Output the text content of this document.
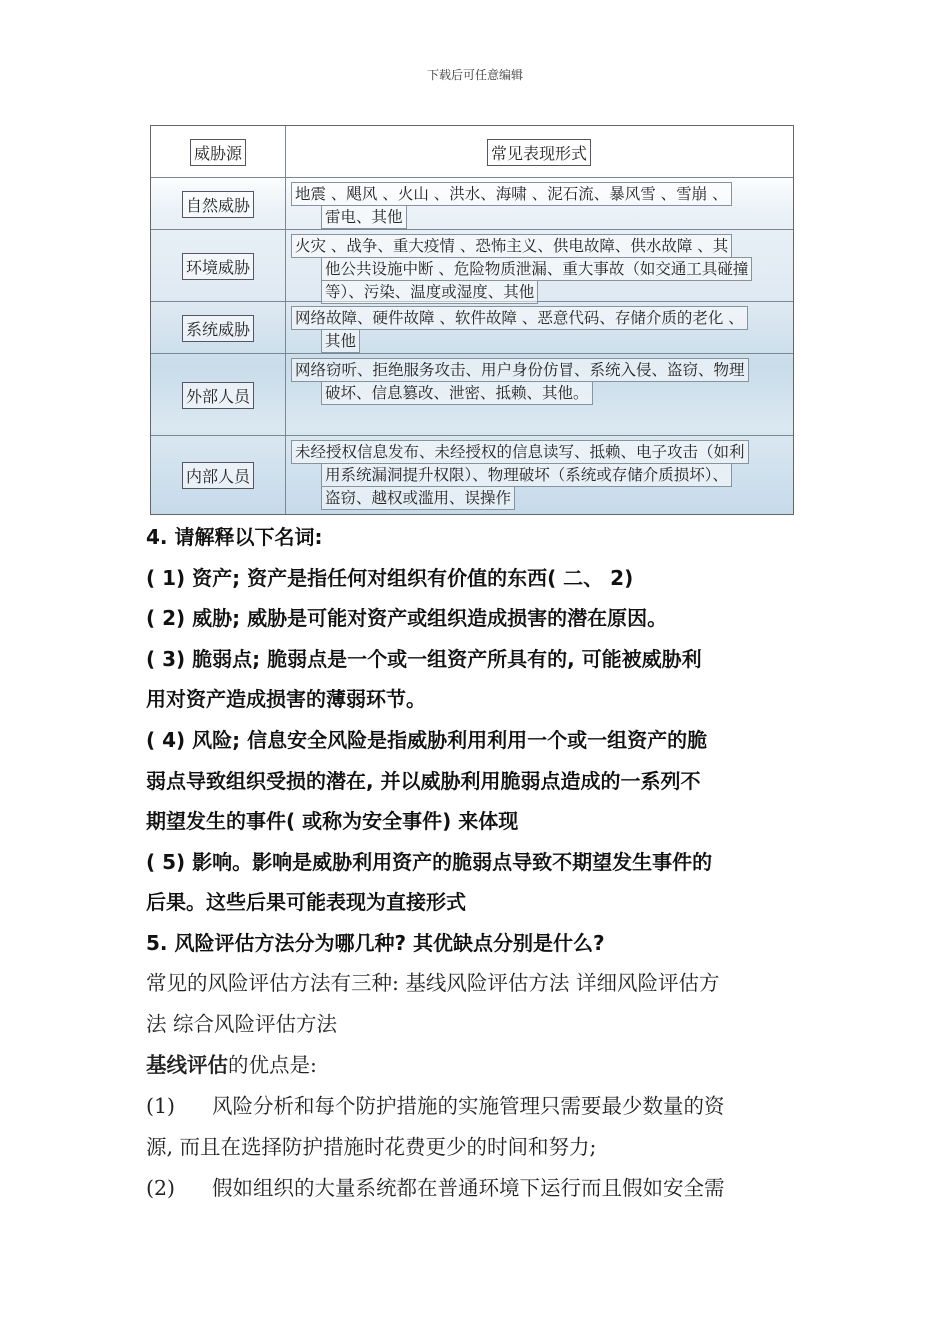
下载后可任意编辑
威胁源	常见表现形式
自然威胁
地震 、飓风 、火山 、洪水、海啸 、泥石流、暴风雪 、雪崩 、
雷电、其他
环境威胁
火灾 、战争、重大疫情 、恐怖主义、供电故障、供水故障 、其
他公共设施中断 、危险物质泄漏、重大事故（如交通工具碰撞
等）、污染、温度或湿度、其他
系统威胁
网络故障、硬件故障 、软件故障 、恶意代码、存储介质的老化 、
其他
外部人员
网络窃听、拒绝服务攻击、用户身份仿冒、系统入侵、盗窃、物理
破坏、信息篡改、泄密、抵赖、其他。
内部人员
未经授权信息发布、未经授权的信息读写、抵赖、电子攻击（如利
用系统漏洞提升权限）、物理破坏（系统或存储介质损坏）、
盗窃、越权或滥用、误操作
4. 请解释以下名词:
( 1) 资产; 资产是指任何对组织有价值的东西( 二、 2)
( 2) 威胁; 威胁是可能对资产或组织造成损害的潜在原因。
( 3) 脆弱点; 脆弱点是一个或一组资产所具有的, 可能被威胁利
用对资产造成损害的薄弱环节。
( 4) 风险; 信息安全风险是指威胁利用利用一个或一组资产的脆
弱点导致组织受损的潜在, 并以威胁利用脆弱点造成的一系列不
期望发生的事件( 或称为安全事件) 来体现
( 5) 影响。影响是威胁利用资产的脆弱点导致不期望发生事件的
后果。这些后果可能表现为直接形式
5. 风险评估方法分为哪几种? 其优缺点分别是什么?
常见的风险评估方法有三种: 基线风险评估方法 详细风险评估方
法 综合风险评估方法
基线评估的优点是:
(1) 风险分析和每个防护措施的实施管理只需要最少数量的资
源, 而且在选择防护措施时花费更少的时间和努力;
(2) 假如组织的大量系统都在普通环境下运行而且假如安全需
